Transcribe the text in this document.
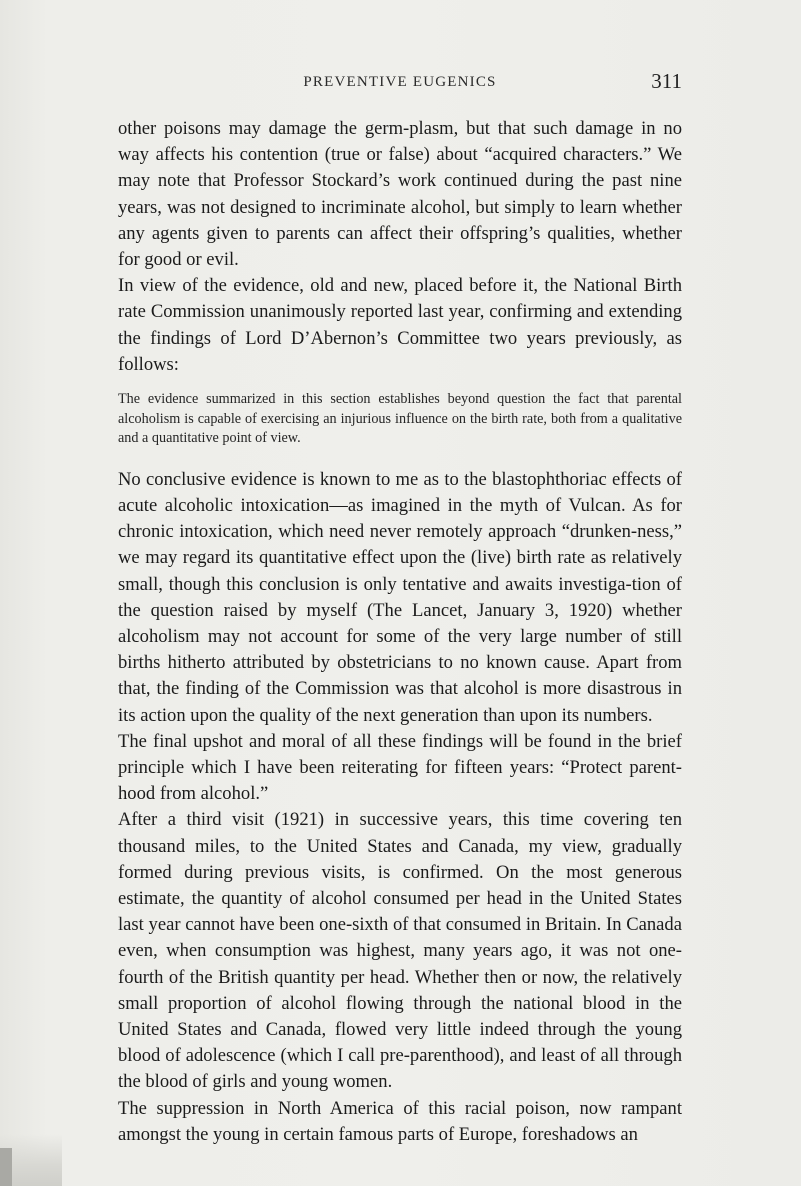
PREVENTIVE EUGENICS	311

other poisons may damage the germ-plasm, but that such damage in no way affects his contention (true or false) about “acquired characters.” We may note that Professor Stockard’s work continued during the past nine years, was not designed to incriminate alcohol, but simply to learn whether any agents given to parents can affect their offspring’s qualities, whether for good or evil.

In view of the evidence, old and new, placed before it, the National Birth rate Commission unanimously reported last year, confirming and extending the findings of Lord D’Abernon’s Committee two years previously, as follows:

The evidence summarized in this section establishes beyond question the fact that parental alcoholism is capable of exercising an injurious influence on the birth rate, both from a qualitative and a quantitative point of view.

No conclusive evidence is known to me as to the blastophthoriac effects of acute alcoholic intoxication—as imagined in the myth of Vulcan. As for chronic intoxication, which need never remotely approach “drunken-ness,” we may regard its quantitative effect upon the (live) birth rate as relatively small, though this conclusion is only tentative and awaits investiga-tion of the question raised by myself (The Lancet, January 3, 1920) whether alcoholism may not account for some of the very large number of still births hitherto attributed by obstetricians to no known cause. Apart from that, the finding of the Commission was that alcohol is more disastrous in its action upon the quality of the next generation than upon its numbers.

The final upshot and moral of all these findings will be found in the brief principle which I have been reiterating for fifteen years: “Protect parent-hood from alcohol.”

After a third visit (1921) in successive years, this time covering ten thousand miles, to the United States and Canada, my view, gradually formed during previous visits, is confirmed. On the most generous estimate, the quantity of alcohol consumed per head in the United States last year cannot have been one-sixth of that consumed in Britain. In Canada even, when consumption was highest, many years ago, it was not one-fourth of the British quantity per head. Whether then or now, the relatively small proportion of alcohol flowing through the national blood in the United States and Canada, flowed very little indeed through the young blood of adolescence (which I call pre-parenthood), and least of all through the blood of girls and young women.

The suppression in North America of this racial poison, now rampant amongst the young in certain famous parts of Europe, foreshadows an
